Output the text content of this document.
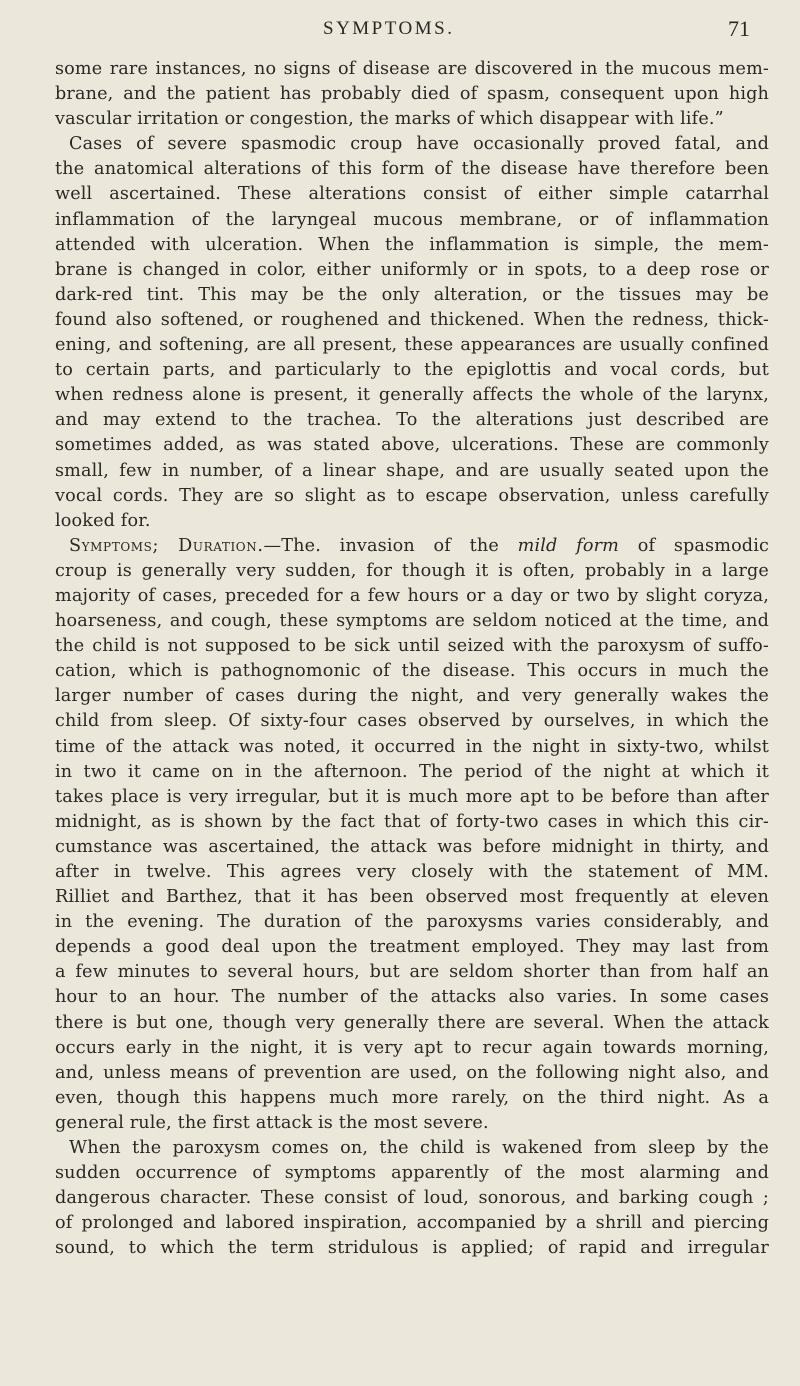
SYMPTOMS.	71
some rare instances, no signs of disease are discovered in the mucous mem-
brane, and the patient has probably died of spasm, consequent upon high
vascular irritation or congestion, the marks of which disappear with life.”
Cases of severe spasmodic croup have occasionally proved fatal, and
the anatomical alterations of this form of the disease have therefore been
well ascertained. These alterations consist of either simple catarrhal
inflammation of the laryngeal mucous membrane, or of inflammation
attended with ulceration. When the inflammation is simple, the mem-
brane is changed in color, either uniformly or in spots, to a deep rose or
dark-red tint. This may be the only alteration, or the tissues may be
found also softened, or roughened and thickened. When the redness, thick-
ening, and softening, are all present, these appearances are usually confined
to certain parts, and particularly to the epiglottis and vocal cords, but
when redness alone is present, it generally affects the whole of the larynx,
and may extend to the trachea. To the alterations just described are
sometimes added, as was stated above, ulcerations. These are commonly
small, few in number, of a linear shape, and are usually seated upon the
vocal cords. They are so slight as to escape observation, unless carefully
looked for.
Symptoms; Duration.—The. invasion of the mild form of spasmodic
croup is generally very sudden, for though it is often, probably in a large
majority of cases, preceded for a few hours or a day or two by slight coryza,
hoarseness, and cough, these symptoms are seldom noticed at the time, and
the child is not supposed to be sick until seized with the paroxysm of suffo-
cation, which is pathognomonic of the disease. This occurs in much the
larger number of cases during the night, and very generally wakes the
child from sleep. Of sixty-four cases observed by ourselves, in which the
time of the attack was noted, it occurred in the night in sixty-two, whilst
in two it came on in the afternoon. The period of the night at which it
takes place is very irregular, but it is much more apt to be before than after
midnight, as is shown by the fact that of forty-two cases in which this cir-
cumstance was ascertained, the attack was before midnight in thirty, and
after in twelve. This agrees very closely with the statement of MM.
Rilliet and Barthez, that it has been observed most frequently at eleven
in the evening. The duration of the paroxysms varies considerably, and
depends a good deal upon the treatment employed. They may last from
a few minutes to several hours, but are seldom shorter than from half an
hour to an hour. The number of the attacks also varies. In some cases
there is but one, though very generally there are several. When the attack
occurs early in the night, it is very apt to recur again towards morning,
and, unless means of prevention are used, on the following night also, and
even, though this happens much more rarely, on the third night. As a
general rule, the first attack is the most severe.
When the paroxysm comes on, the child is wakened from sleep by the
sudden occurrence of symptoms apparently of the most alarming and
dangerous character. These consist of loud, sonorous, and barking cough ;
of prolonged and labored inspiration, accompanied by a shrill and piercing
sound, to which the term stridulous is applied; of rapid and irregular
